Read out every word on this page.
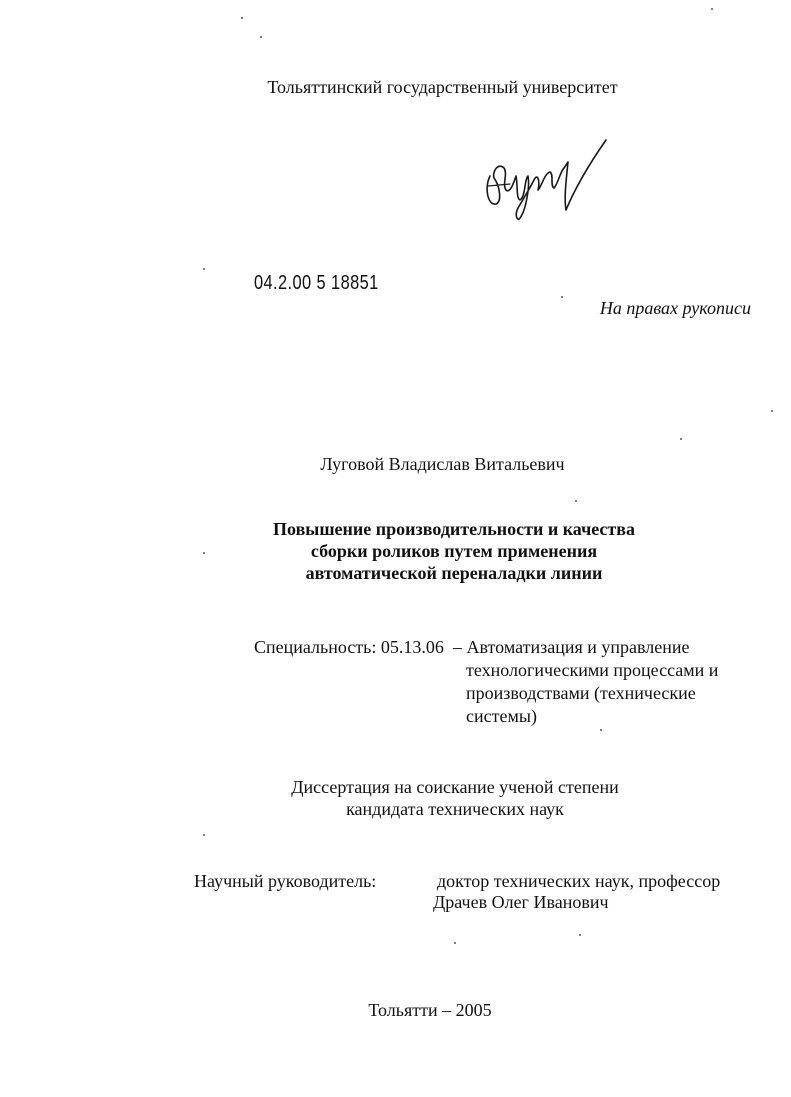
Тольяттинский государственный университет
04.2.00 5 18851
На правах рукописи
Луговой Владислав Витальевич
Повышение производительности и качества
сборки роликов путем применения
автоматической переналадки линии
Специальность: 05.13.06 – Автоматизация и управление
технологическими процессами и
производствами (технические
системы)
Диссертация на соискание ученой степени
кандидата технических наук
Научный руководитель:	доктор технических наук, профессор
Драчев Олег Иванович
Тольятти – 2005
